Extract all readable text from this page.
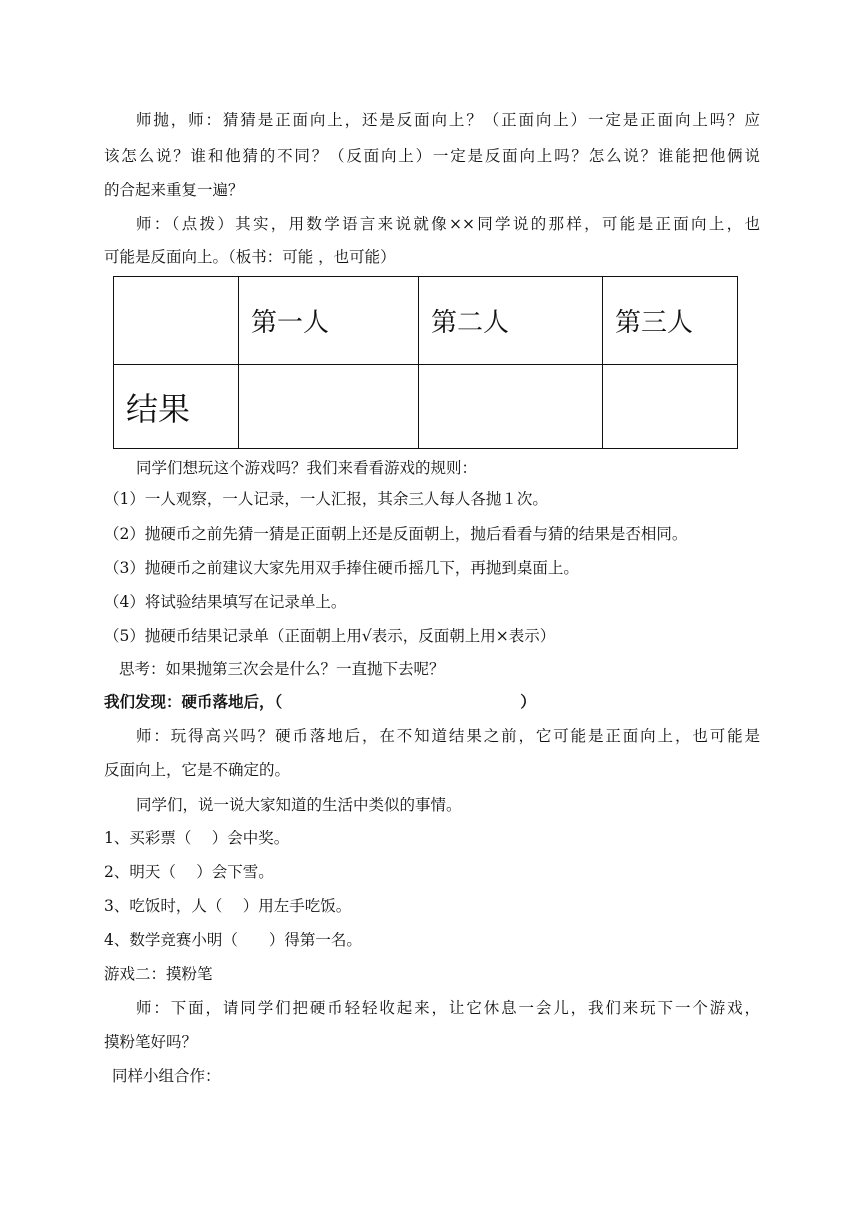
师抛，师：猜猜是正面向上，还是反面向上？（正面向上）一定是正面向上吗？应
该怎么说？谁和他猜的不同？（反面向上）一定是反面向上吗？怎么说？谁能把他俩说
的合起来重复一遍？
师：（点拨）其实，用数学语言来说就像××同学说的那样，可能是正面向上，也
可能是反面向上。（板书：可能 ，也可能）
	第一人	第二人	第三人
结果			
同学们想玩这个游戏吗？我们来看看游戏的规则：
（1）一人观察，一人记录，一人汇报，其余三人每人各抛１次。
（2）抛硬币之前先猜一猜是正面朝上还是反面朝上，抛后看看与猜的结果是否相同。
（3）抛硬币之前建议大家先用双手捧住硬币摇几下，再抛到桌面上。
（4）将试验结果填写在记录单上。
（5）抛硬币结果记录单（正面朝上用√表示，反面朝上用×表示）
思考：如果抛第三次会是什么？一直抛下去呢？
我们发现：硬币落地后，（	）
师：玩得高兴吗？硬币落地后，在不知道结果之前，它可能是正面向上，也可能是
反面向上，它是不确定的。
同学们，说一说大家知道的生活中类似的事情。
1、买彩票（　 ）会中奖。
2、明天（　 ）会下雪。
3、吃饭时，人（　 ）用左手吃饭。
4、数学竞赛小明（　　）得第一名。
游戏二：摸粉笔
师：下面，请同学们把硬币轻轻收起来，让它休息一会儿，我们来玩下一个游戏，
摸粉笔好吗？
同样小组合作：
